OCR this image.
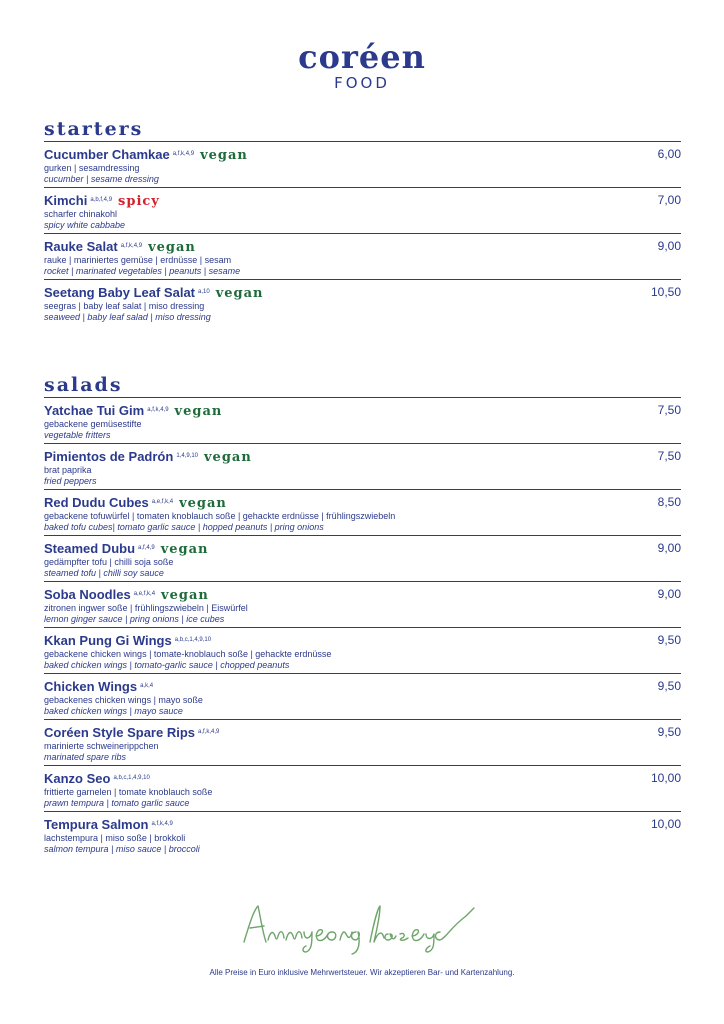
coréen
FOOD
starters
Cucumber Chamkae $^{a,f,k,4,9}$ vegan
gurken | sesamdressing
cucumber | sesame dressing
6,00
Kimchi $^{a,b,f,4,9}$ spicy
scharfer chinakohl
spicy white cabbabe
7,00
Rauke Salat $^{a,f,k,4,9}$ vegan
rauke | mariniertes gemüse | erdnüsse | sesam
rocket | marinated vegetables | peanuts | sesame
9,00
Seetang Baby Leaf Salat $^{a,10}$ vegan
seegras | baby leaf salat | miso dressing
seaweed | baby leaf salad | miso dressing
10,50
salads
Yatchae Tui Gim $^{a,f,k,4,9}$ vegan
gebackene gemüsestifte
vegetable fritters
7,50
Pimientos de Padrón $^{1,4,9,10}$ vegan
brat paprika
fried peppers
7,50
Red Dudu Cubes $^{a,e,f,k,4}$ vegan
gebackene tofuwürfel | tomaten knoblauch soße | gehackte erdnüsse | frühlingszwiebeln
baked tofu cubes| tomato garlic sauce | hopped peanuts | pring onions
8,50
Steamed Dubu $^{a,f,4,9}$ vegan
gedämpfter tofu | chilli soja soße
steamed tofu | chilli soy sauce
9,00
Soba Noodles $^{a,e,f,k,4}$ vegan
zitronen ingwer soße | frühlingszwiebeln | Eiswürfel
lemon ginger sauce | pring onions | ice cubes
9,00
Kkan Pung Gi Wings $^{a,b,c,1,4,9,10}$
gebackene chicken wings | tomate-knoblauch soße | gehackte erdnüsse
baked chicken wings | tomato-garlic sauce | chopped peanuts
9,50
Chicken Wings $^{a,k,4}$
gebackenes chicken wings | mayo soße
baked chicken wings | mayo sauce
9,50
Coréen Style Spare Rips $^{a,f,k,4,9}$
marinierte schweinerippchen
marinated spare ribs
9,50
Kanzo Seo $^{a,b,c,1,4,9,10}$
frittierte garnelen | tomate knoblauch soße
prawn tempura | tomato garlic sauce
10,00
Tempura Salmon $^{a,f,k,4,9}$
lachstempura | miso soße | brokkoli
salmon tempura | miso sauce | broccoli
10,00
Alle Preise in Euro inklusive Mehrwertsteuer. Wir akzeptieren Bar- und Kartenzahlung.
